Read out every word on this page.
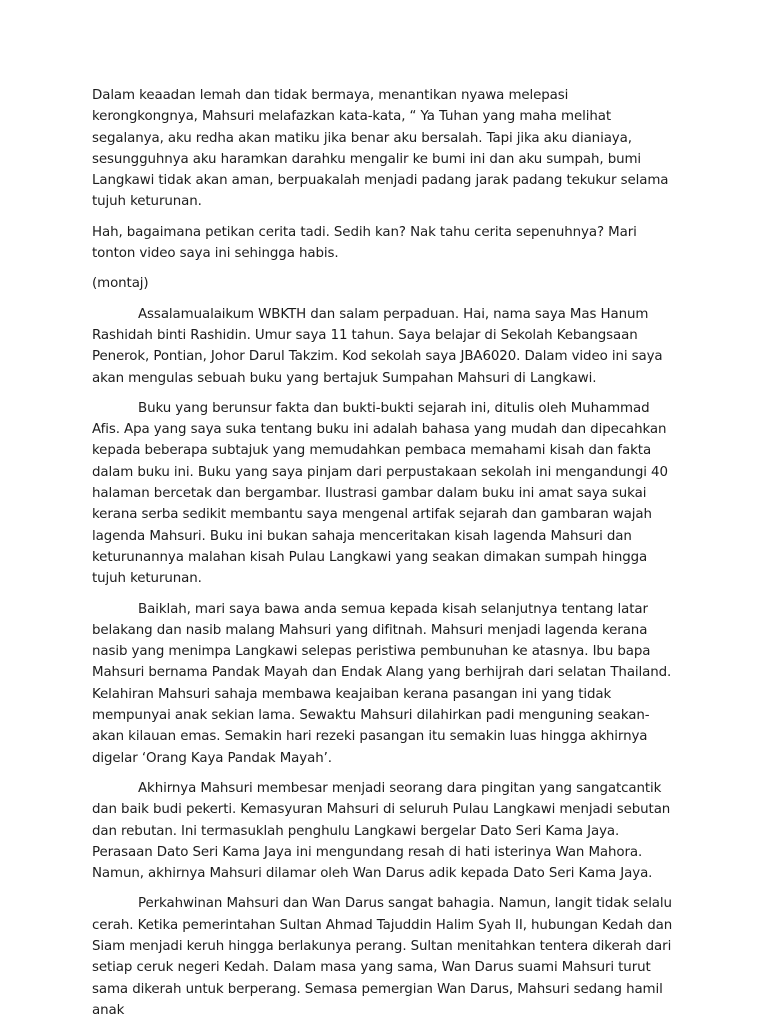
Dalam keaadan lemah dan tidak bermaya, menantikan nyawa melepasi kerongkongnya, Mahsuri melafazkan kata-kata, “ Ya Tuhan yang maha melihat segalanya, aku redha akan matiku jika benar aku bersalah. Tapi jika aku dianiaya, sesungguhnya aku haramkan darahku mengalir ke bumi ini dan aku sumpah, bumi Langkawi tidak akan aman, berpuakalah menjadi padang jarak padang tekukur selama tujuh keturunan.

Hah, bagaimana petikan cerita tadi. Sedih kan? Nak tahu cerita sepenuhnya? Mari tonton video saya ini sehingga habis.

(montaj)

Assalamualaikum WBKTH dan salam perpaduan. Hai, nama saya Mas Hanum Rashidah binti Rashidin. Umur saya 11 tahun. Saya belajar di Sekolah Kebangsaan Penerok, Pontian, Johor Darul Takzim. Kod sekolah saya JBA6020. Dalam video ini saya akan mengulas sebuah buku yang bertajuk Sumpahan Mahsuri di Langkawi.

Buku yang berunsur fakta dan bukti-bukti sejarah ini, ditulis oleh Muhammad Afis. Apa yang saya suka tentang buku ini adalah bahasa yang mudah dan dipecahkan kepada beberapa subtajuk yang memudahkan pembaca memahami kisah dan fakta dalam buku ini. Buku yang saya pinjam dari perpustakaan sekolah ini mengandungi 40 halaman bercetak dan bergambar. Ilustrasi gambar dalam buku ini amat saya sukai kerana serba sedikit membantu saya mengenal artifak sejarah dan gambaran wajah lagenda Mahsuri. Buku ini bukan sahaja menceritakan kisah lagenda Mahsuri dan keturunannya malahan kisah Pulau Langkawi yang seakan dimakan sumpah hingga tujuh keturunan.

Baiklah, mari saya bawa anda semua kepada kisah selanjutnya tentang latar belakang dan nasib malang Mahsuri yang difitnah. Mahsuri menjadi lagenda kerana nasib yang menimpa Langkawi selepas peristiwa pembunuhan ke atasnya. Ibu bapa Mahsuri bernama Pandak Mayah dan Endak Alang yang berhijrah dari selatan Thailand. Kelahiran Mahsuri sahaja membawa keajaiban kerana pasangan ini yang tidak mempunyai anak sekian lama. Sewaktu Mahsuri dilahirkan padi menguning seakan-akan kilauan emas. Semakin hari rezeki pasangan itu semakin luas hingga akhirnya digelar ‘Orang Kaya Pandak Mayah’.

Akhirnya Mahsuri membesar menjadi seorang dara pingitan yang sangatcantik dan baik budi pekerti. Kemasyuran Mahsuri di seluruh Pulau Langkawi menjadi sebutan dan rebutan. Ini termasuklah penghulu Langkawi bergelar Dato Seri Kama Jaya. Perasaan Dato Seri Kama Jaya ini mengundang resah di hati isterinya Wan Mahora. Namun, akhirnya Mahsuri dilamar oleh Wan Darus adik kepada Dato Seri Kama Jaya.

Perkahwinan Mahsuri dan Wan Darus sangat bahagia. Namun, langit tidak selalu cerah. Ketika pemerintahan Sultan Ahmad Tajuddin Halim Syah II, hubungan Kedah dan Siam menjadi keruh hingga berlakunya perang. Sultan menitahkan tentera dikerah dari setiap ceruk negeri Kedah. Dalam masa yang sama, Wan Darus suami Mahsuri turut sama dikerah untuk berperang. Semasa pemergian Wan Darus, Mahsuri sedang hamil anak
